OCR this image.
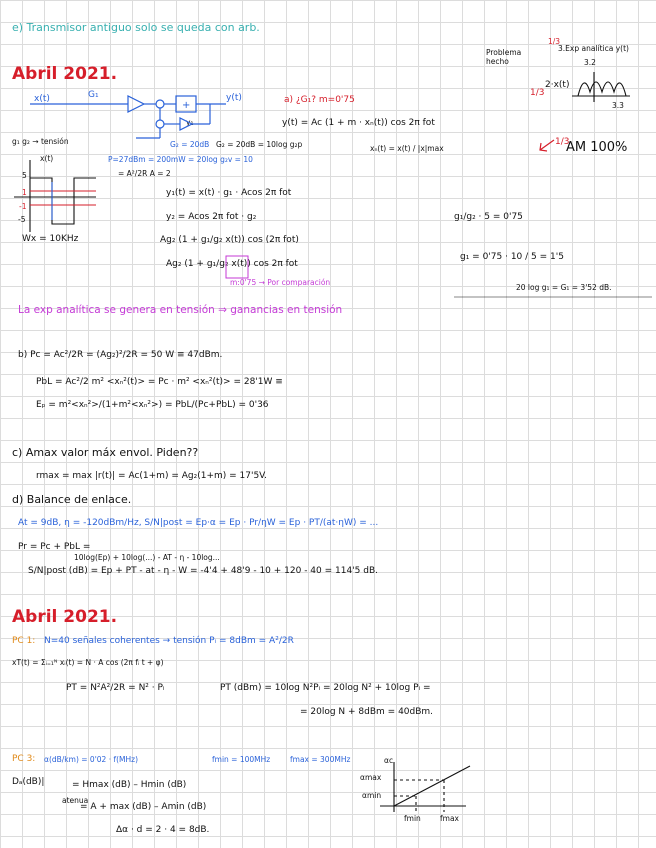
e) Transmisor antiguo solo se queda con arb.
1/3
Problema hecho
3.Exp analítica y(t)
3.2
1/3
2·x(t)
3.3
1/3
AM 100%
Abril 2021.
x(t)	G₁	y(t)
y₁
G₂ = 20dB
a) ¿G₁? m=0'75
y(t) = Ac (1 + m · xₙ(t)) cos 2π fot
g₁ g₂ → tensión
xₙ(t) = x(t) / |x|max
G₂ = 20dB = 10log g₂p
P=27dBm = 200mW = 20log g₂v = 10
= A²/2R A = 2
x(t)
5
1
-1
-5
Wx = 10KHz
y₁(t) = x(t) · g₁ · Acos 2π fot
y₂ = Acos 2π fot · g₂
Ag₂ (1 + g₁/g₂ x(t)) cos (2π fot)
Ag₂ (1 + g₁/g₂ x(t)) cos 2π fot
m:0'75 → Por comparación
g₁/g₂ · 5 = 0'75
g₁ = 0'75 · 10 / 5 = 1'5
20 log g₁ = G₁ = 3'52 dB.
La exp analítica se genera en tensión ⇒ ganancias en tensión
b) Pc = Ac²/2R = (Ag₂)²/2R = 50 W ≡ 47dBm.
PbL = Ac²/2 m² <xₙ²(t)> = Pc · m² <xₙ²(t)> = 28'1W ≡
Eₚ = m²<xₙ²>/(1+m²<xₙ²>) = PbL/(Pc+PbL) = 0'36
c) Amax valor máx envol. Piden??
rmax = max |r(t)| = Ac(1+m) = Ag₂(1+m) = 17'5V.
d) Balance de enlace.
At = 9dB, η = -120dBm/Hz, S/N|post = Ep·α = Ep · Pr/ηW = Ep · PT/(at·ηW) = ...
Pr = Pc + PbL =
10log(Ep) + 10log(...) - AT - η - 10log...
S/N|post (dB) = Ep + PT - at - η - W = -4'4 + 48'9 - 10 + 120 - 40 = 114'5 dB.
Abril 2021.
PC 1: N=40 señales coherentes → tensión Pᵢ = 8dBm = A²/2R
xT(t) = Σᵢ₌₁ᴺ xᵢ(t) = N · A cos (2π fᵢ t + φ)
PT = N²A²/2R = N² · Pᵢ	PT (dBm) = 10log N²Pᵢ = 20log N² + 10log Pᵢ =
= 20log N + 8dBm = 40dBm.
PC 3: α(dB/km) = 0'02 · f(MHz)	fmin = 100MHz	fmax = 300MHz
Dₐ(dB)|
atenua
= Hmax (dB) – Hmin (dB)
= A + max (dB) – Amin (dB)
Δα · d = 2 · 4 = 8dB.
αc
αmax
αmin
fmin	fmax
+
